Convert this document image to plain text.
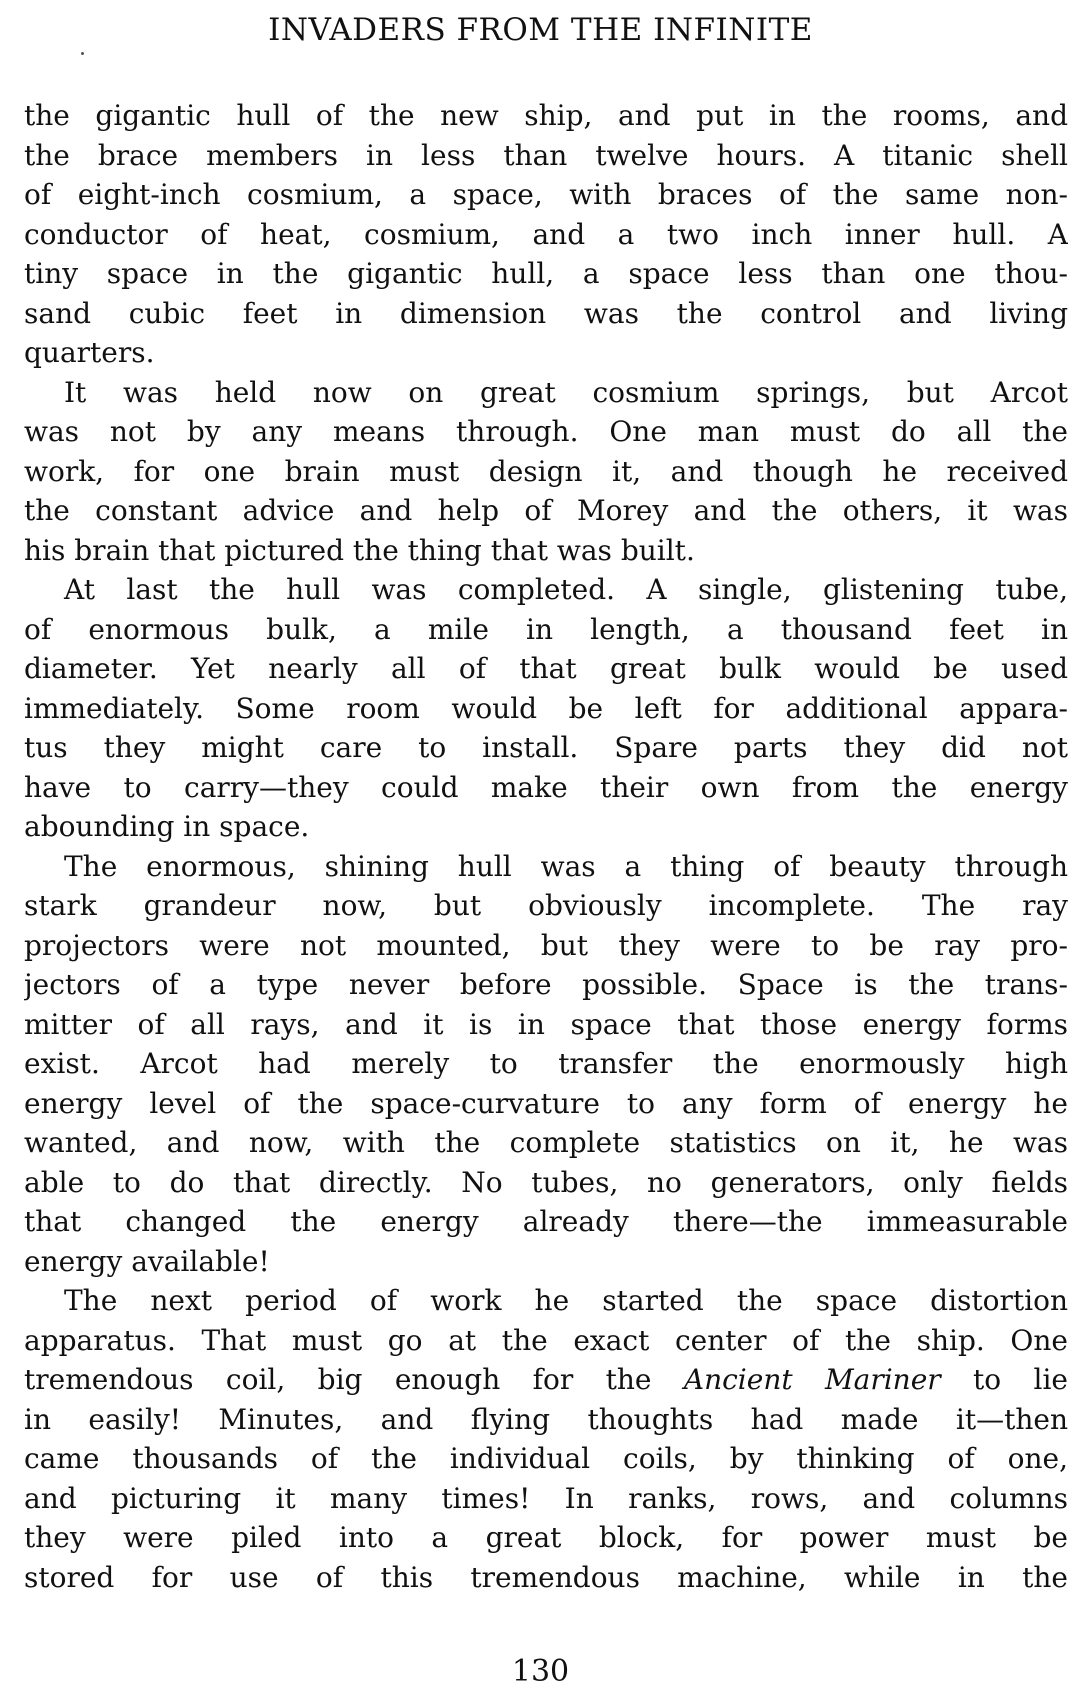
INVADERS FROM THE INFINITE
the gigantic hull of the new ship, and put in the rooms, and
the brace members in less than twelve hours. A titanic shell
of eight-inch cosmium, a space, with braces of the same non-
conductor of heat, cosmium, and a two inch inner hull. A
tiny space in the gigantic hull, a space less than one thou-
sand cubic feet in dimension was the control and living
quarters.
It was held now on great cosmium springs, but Arcot
was not by any means through. One man must do all the
work, for one brain must design it, and though he received
the constant advice and help of Morey and the others, it was
his brain that pictured the thing that was built.
At last the hull was completed. A single, glistening tube,
of enormous bulk, a mile in length, a thousand feet in
diameter. Yet nearly all of that great bulk would be used
immediately. Some room would be left for additional appara-
tus they might care to install. Spare parts they did not
have to carry—they could make their own from the energy
abounding in space.
The enormous, shining hull was a thing of beauty through
stark grandeur now, but obviously incomplete. The ray
projectors were not mounted, but they were to be ray pro-
jectors of a type never before possible. Space is the trans-
mitter of all rays, and it is in space that those energy forms
exist. Arcot had merely to transfer the enormously high
energy level of the space-curvature to any form of energy he
wanted, and now, with the complete statistics on it, he was
able to do that directly. No tubes, no generators, only fields
that changed the energy already there—the immeasurable
energy available!
The next period of work he started the space distortion
apparatus. That must go at the exact center of the ship. One
tremendous coil, big enough for the Ancient Mariner to lie
in easily! Minutes, and flying thoughts had made it—then
came thousands of the individual coils, by thinking of one,
and picturing it many times! In ranks, rows, and columns
they were piled into a great block, for power must be
stored for use of this tremendous machine, while in the
130
